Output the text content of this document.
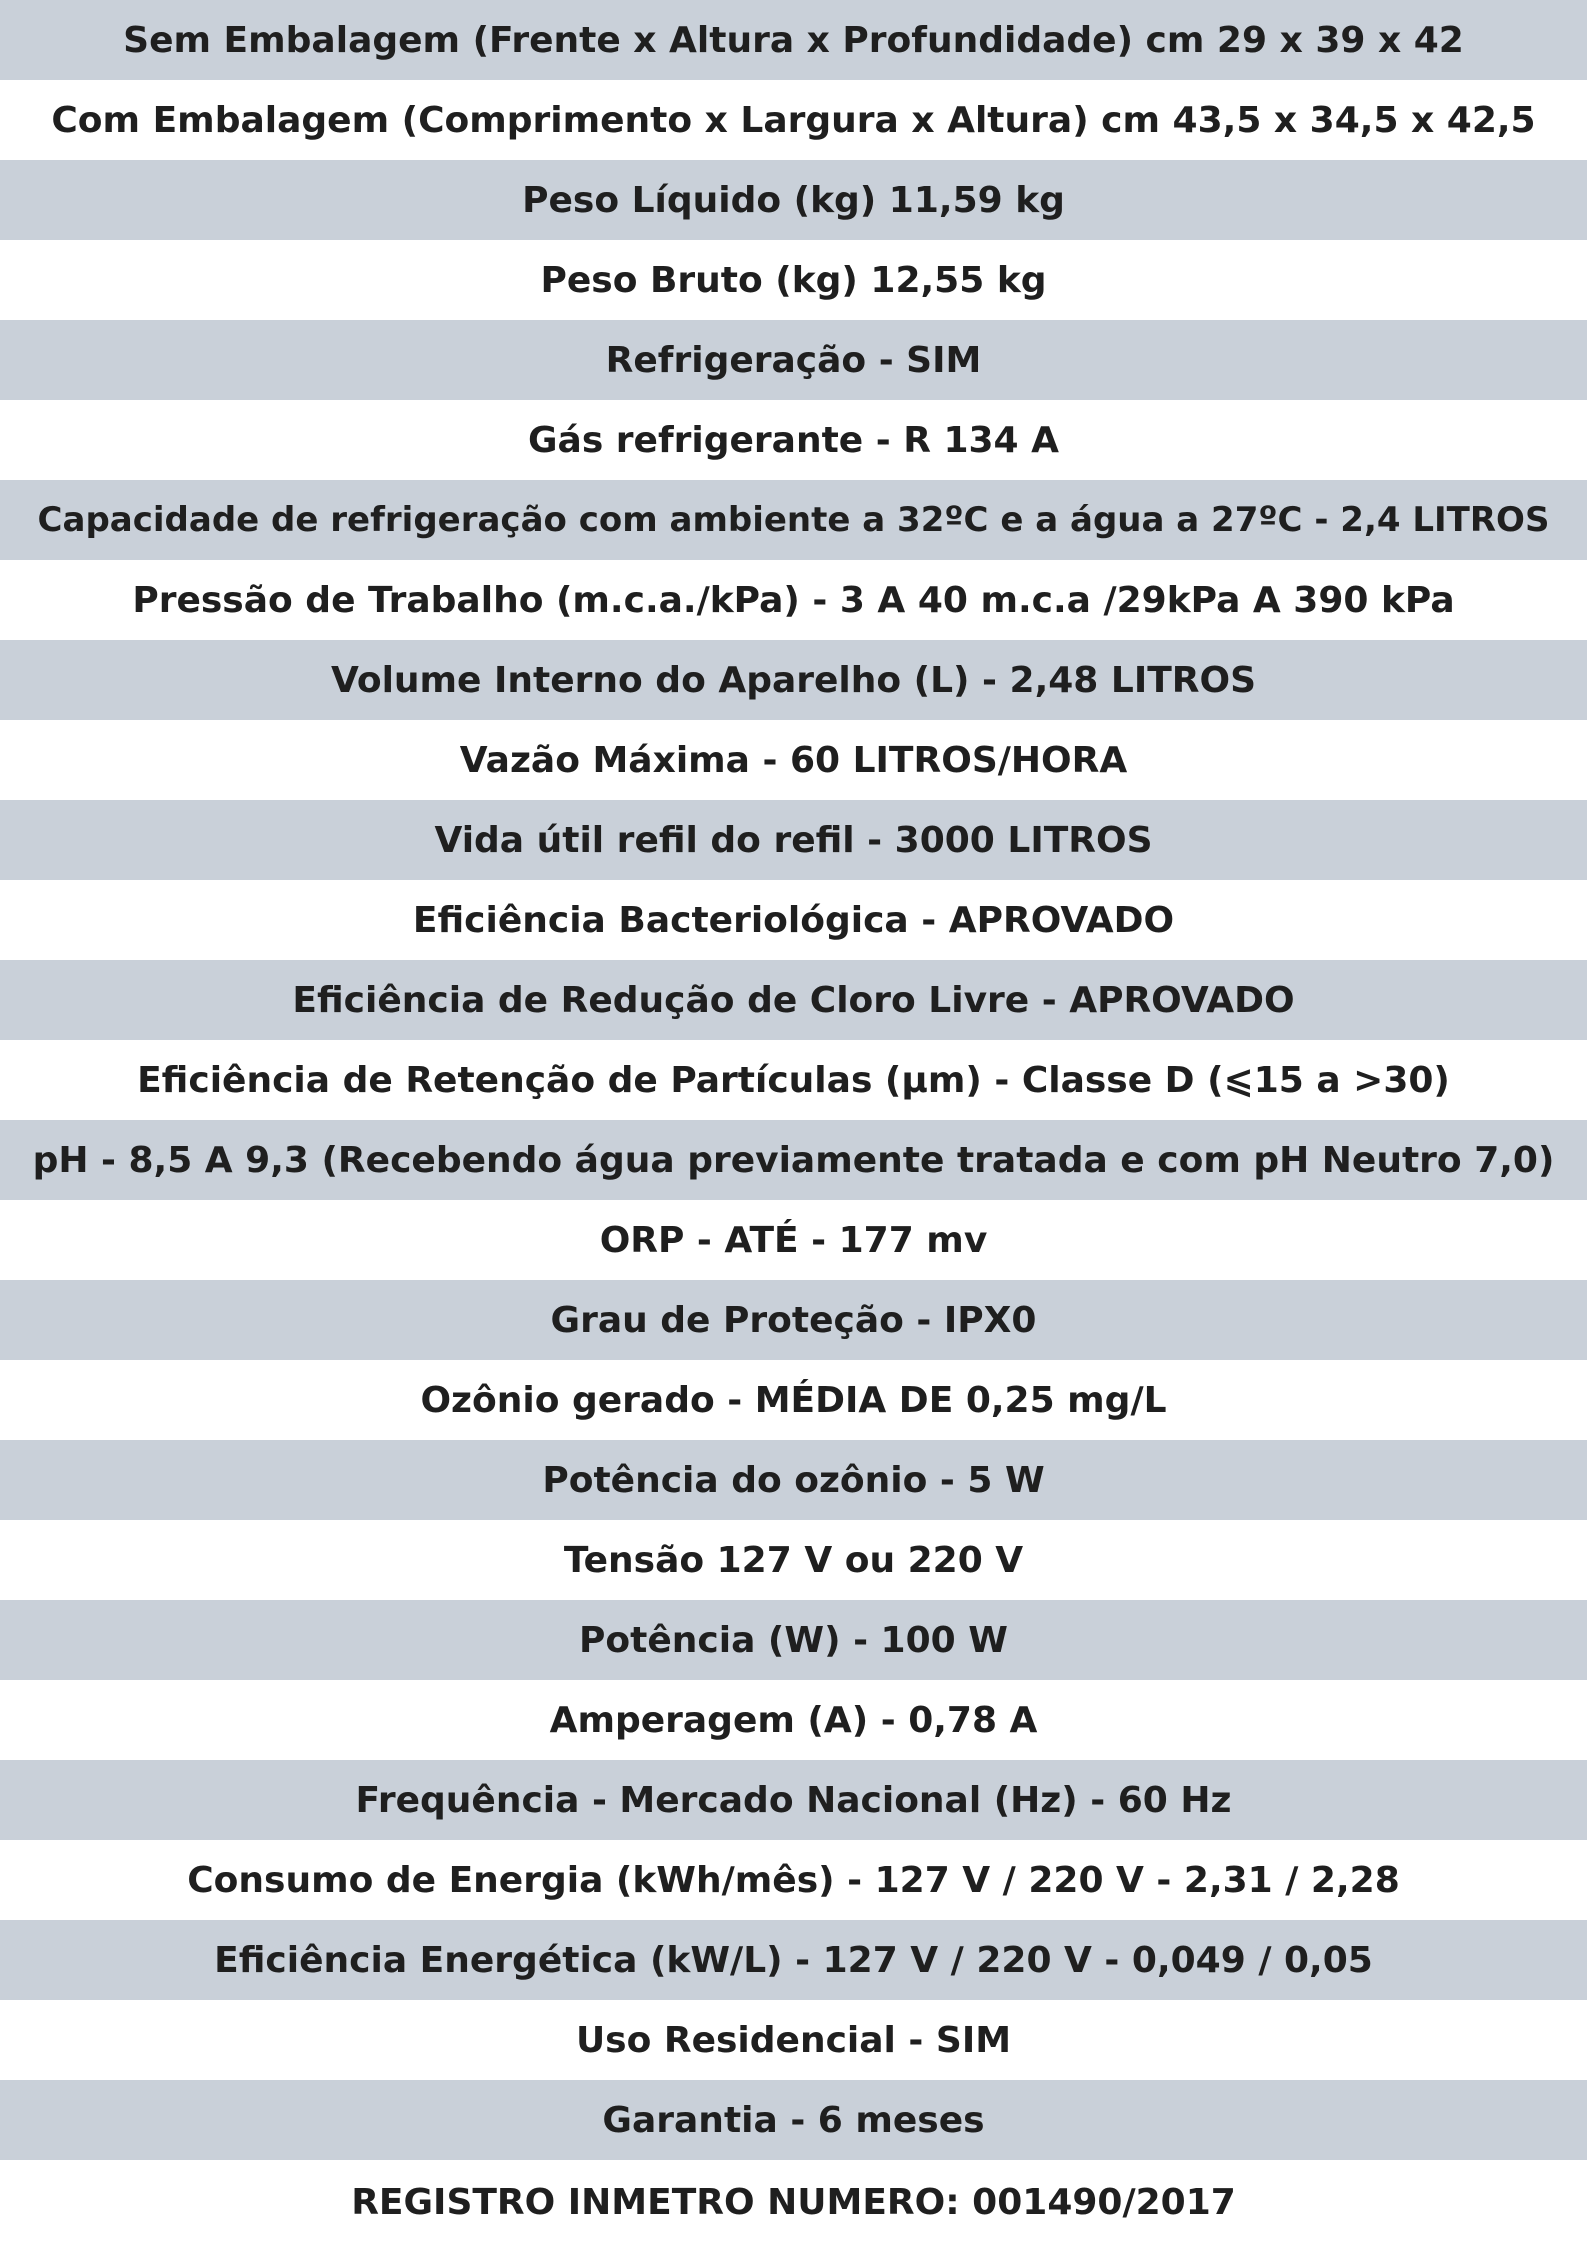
Sem Embalagem (Frente x Altura x Profundidade) cm 29 x 39 x 42
Com Embalagem (Comprimento x Largura x Altura) cm 43,5 x 34,5 x 42,5
Peso Líquido (kg) 11,59 kg
Peso Bruto (kg) 12,55 kg
Refrigeração - SIM
Gás refrigerante - R 134 A
Capacidade de refrigeração com ambiente a 32ºC e a água a 27ºC - 2,4 LITROS
Pressão de Trabalho (m.c.a./kPa) - 3 A 40 m.c.a /29kPa A 390 kPa
Volume Interno do Aparelho (L) - 2,48 LITROS
Vazão Máxima - 60 LITROS/HORA
Vida útil refil do refil - 3000 LITROS
Eficiência Bacteriológica - APROVADO
Eficiência de Redução de Cloro Livre - APROVADO
Eficiência de Retenção de Partículas (µm) - Classe D (⩽15 a >30)
pH - 8,5 A 9,3 (Recebendo água previamente tratada e com pH Neutro 7,0)
ORP - ATÉ - 177 mv
Grau de Proteção - IPX0
Ozônio gerado - MÉDIA DE 0,25 mg/L
Potência do ozônio - 5 W
Tensão 127 V ou 220 V
Potência (W) - 100 W
Amperagem (A) - 0,78 A
Frequência - Mercado Nacional (Hz) - 60 Hz
Consumo de Energia (kWh/mês) - 127 V / 220 V - 2,31 / 2,28
Eficiência Energética (kW/L) - 127 V / 220 V - 0,049 / 0,05
Uso Residencial - SIM
Garantia - 6 meses
REGISTRO INMETRO NUMERO: 001490/2017
